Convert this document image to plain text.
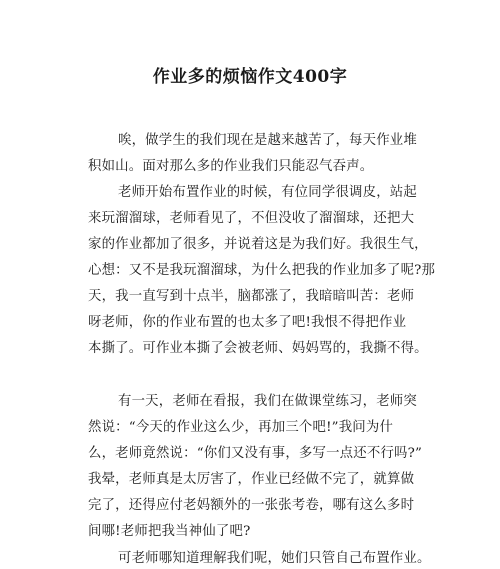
作业多的烦恼作文400字
唉，做学生的我们现在是越来越苦了，每天作业堆
积如山。面对那么多的作业我们只能忍气吞声。
老师开始布置作业的时候，有位同学很调皮，站起
来玩溜溜球，老师看见了，不但没收了溜溜球，还把大
家的作业都加了很多，并说着这是为我们好。我很生气，
心想：又不是我玩溜溜球，为什么把我的作业加多了呢?那
天，我一直写到十点半，脑都涨了，我暗暗叫苦：老师
呀老师，你的作业布置的也太多了吧!我恨不得把作业
本撕了。可作业本撕了会被老师、妈妈骂的，我撕不得。
有一天，老师在看报，我们在做课堂练习，老师突
然说：“今天的作业这么少，再加三个吧!”我问为什
么，老师竟然说：“你们又没有事，多写一点还不行吗?”
我晕，老师真是太厉害了，作业已经做不完了，就算做
完了，还得应付老妈额外的一张张考卷，哪有这么多时
间哪!老师把我当神仙了吧?
可老师哪知道理解我们呢，她们只管自己布置作业。
